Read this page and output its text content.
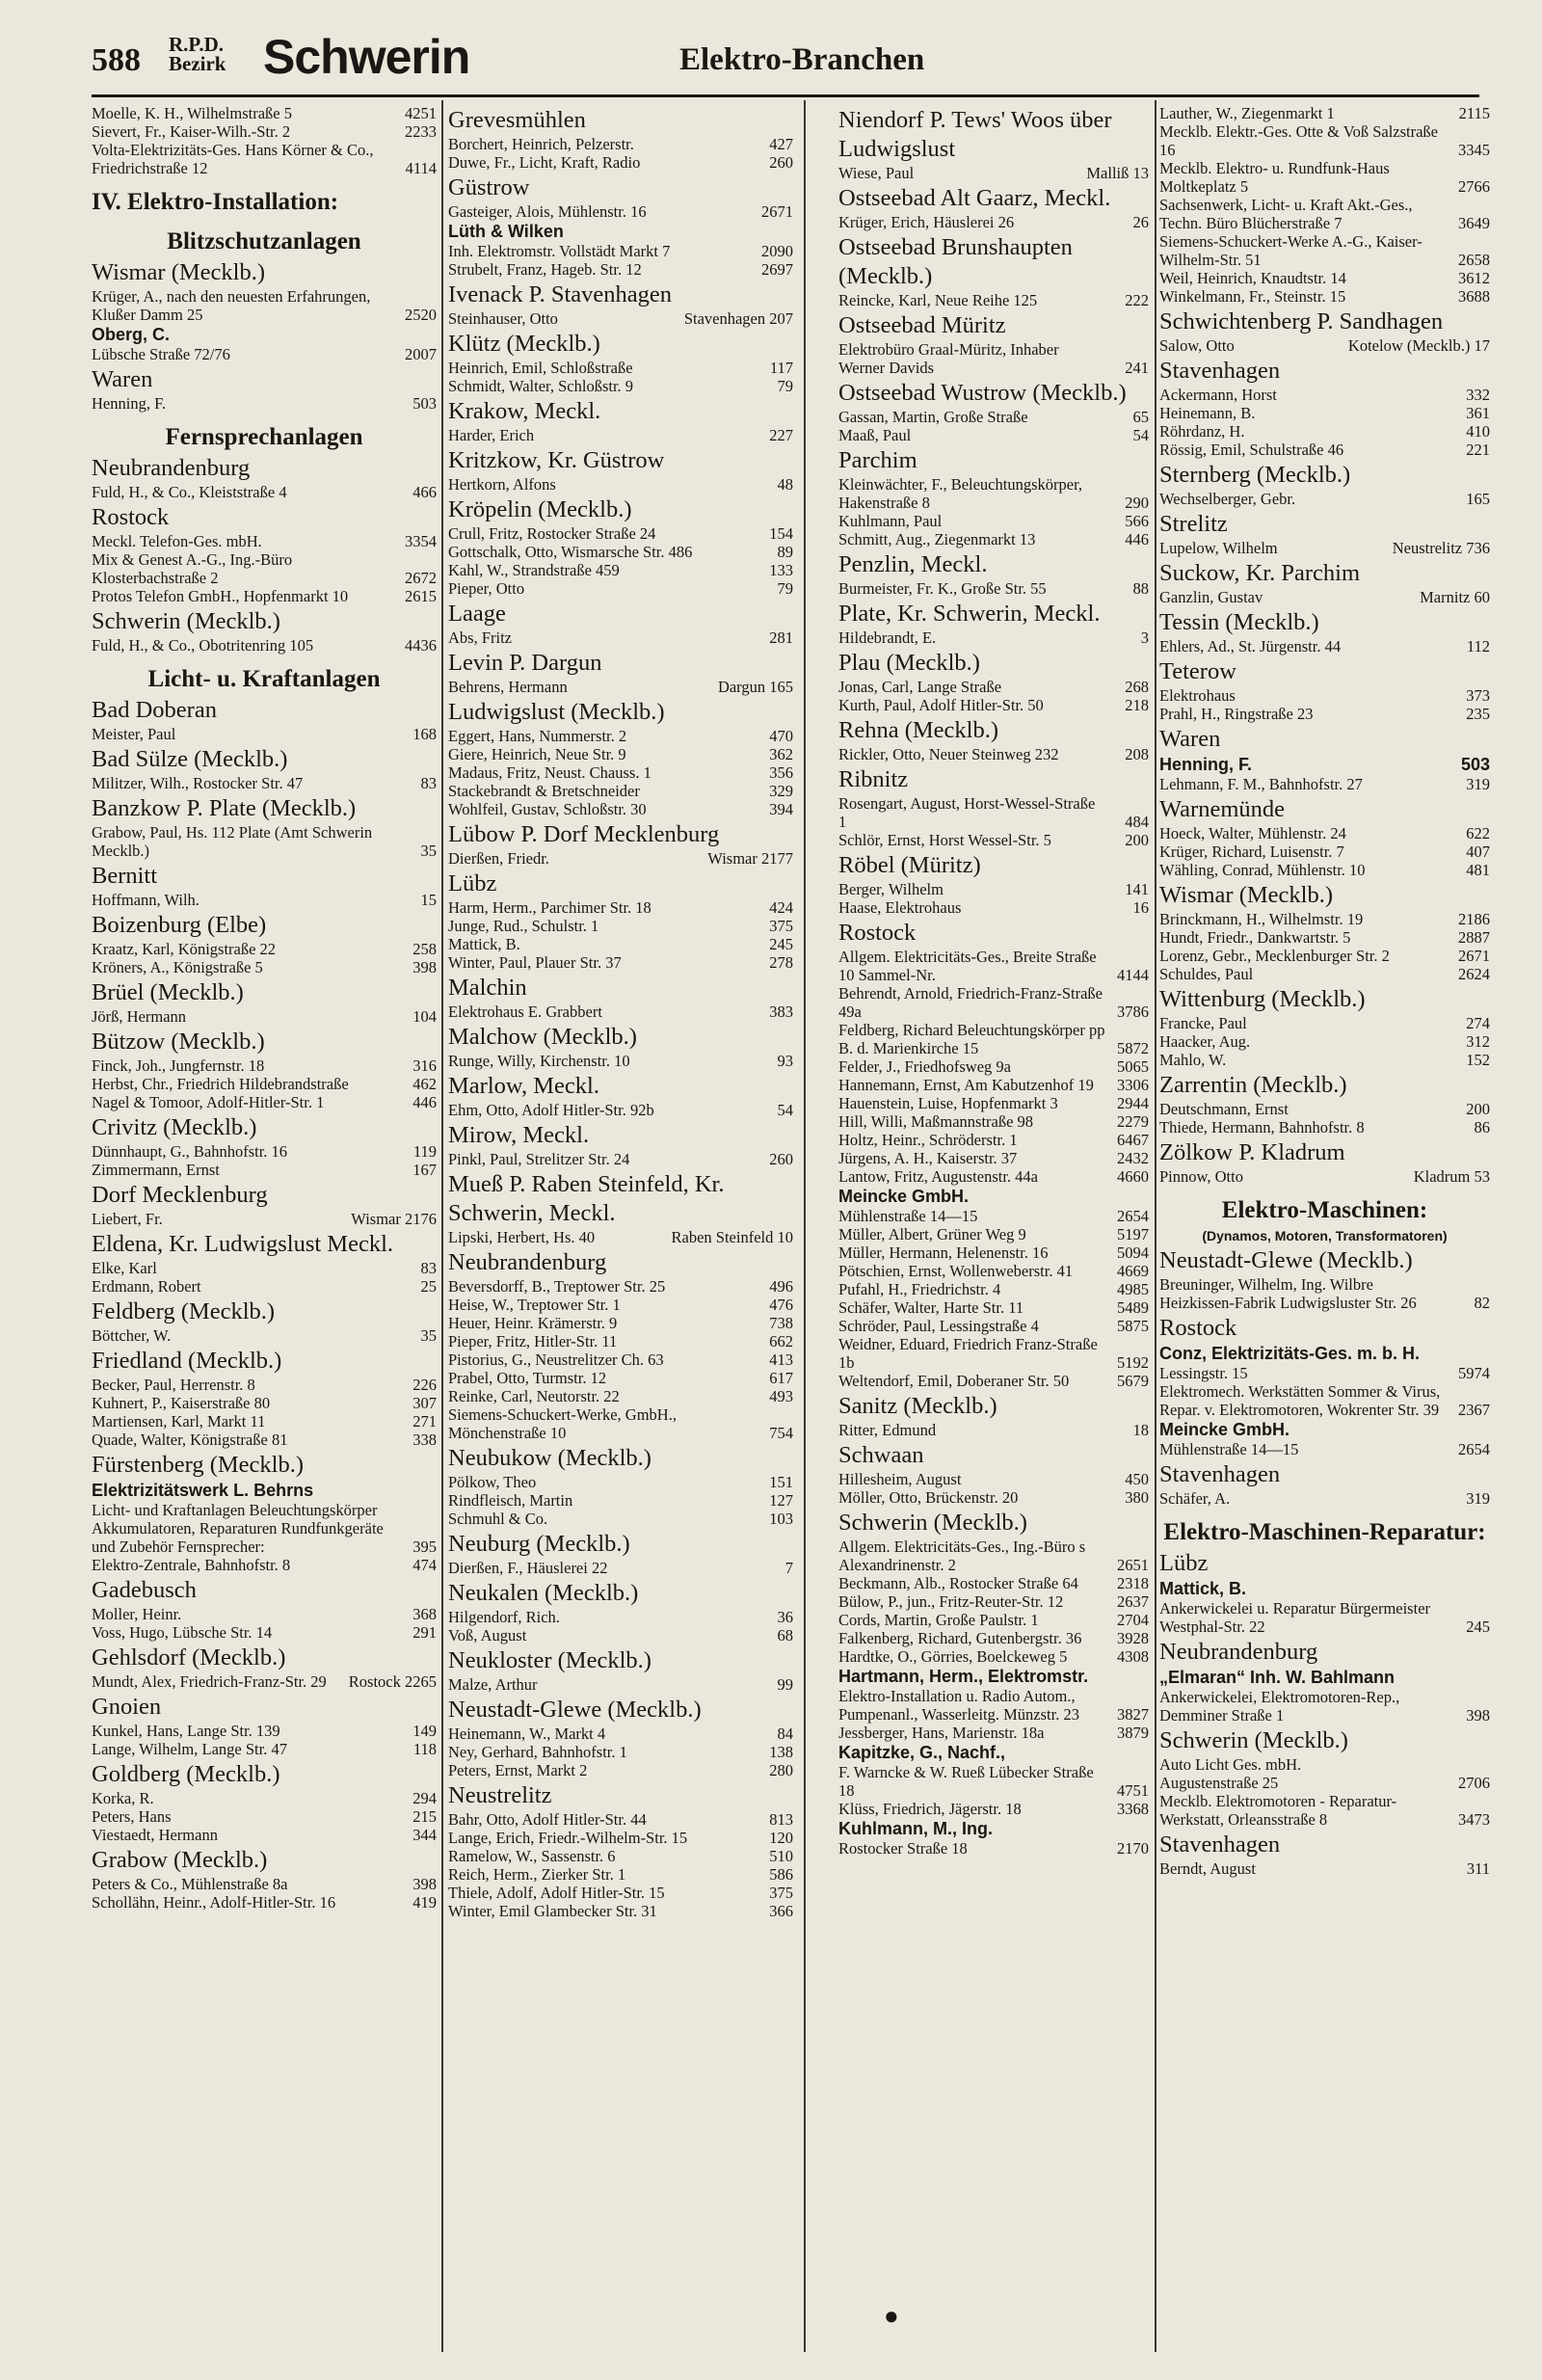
588 R.P.D. Bezirk Schwerin	Elektro-Branchen
Moelle, K. H., Wilhelmstraße 5	4251
Sievert, Fr., Kaiser-Wilh.-Str. 2	2233
Volta-Elektrizitäts-Ges. Hans Körner & Co., Friedrichstraße 12	4114
IV. Elektro-Installation:
Blitzschutzanlagen
Wismar (Mecklb.)
Krüger, A., nach den neuesten Erfahrungen, Klußer Damm 25	2520
Oberg, C.
Lübsche Straße 72/76	2007
Waren
Henning, F.	503
Fernsprechanlagen
Neubrandenburg
Fuld, H., & Co., Kleiststraße 4	466
Rostock
Meckl. Telefon-Ges. mbH.	3354
Mix & Genest A.-G., Ing.-Büro Klosterbachstraße 2	2672
Protos Telefon GmbH., Hopfenmarkt 10	2615
Schwerin (Mecklb.)
Fuld, H., & Co., Obotritenring 105	4436
Licht- u. Kraftanlagen
Bad Doberan
Meister, Paul	168
Bad Sülze (Mecklb.)
Militzer, Wilh., Rostocker Str. 47	83
Banzkow P. Plate (Mecklb.)
Grabow, Paul, Hs. 112 Plate (Amt Schwerin Mecklb.)	35
Bernitt
Hoffmann, Wilh.	15
Boizenburg (Elbe)
Kraatz, Karl, Königstraße 22	258
Kröners, A., Königstraße 5	398
Brüel (Mecklb.)
Jörß, Hermann	104
Bützow (Mecklb.)
Finck, Joh., Jungfernstr. 18	316
Herbst, Chr., Friedrich Hildebrandstraße	462
Nagel & Tomoor, Adolf-Hitler-Str. 1	446
Crivitz (Mecklb.)
Dünnhaupt, G., Bahnhofstr. 16	119
Zimmermann, Ernst	167
Dorf Mecklenburg
Liebert, Fr.	Wismar 2176
Eldena, Kr. Ludwigslust Meckl.
Elke, Karl	83
Erdmann, Robert	25
Feldberg (Mecklb.)
Böttcher, W.	35
Friedland (Mecklb.)
Becker, Paul, Herrenstr. 8	226
Kuhnert, P., Kaiserstraße 80	307
Martiensen, Karl, Markt 11	271
Quade, Walter, Königstraße 81	338
Fürstenberg (Mecklb.)
Elektrizitätswerk L. Behrns
Licht- und Kraftanlagen Beleuchtungskörper Akkumulatoren, Reparaturen Rundfunkgeräte und Zubehör Fernsprecher:	395
Elektro-Zentrale, Bahnhofstr. 8	474
Gadebusch
Moller, Heinr.	368
Voss, Hugo, Lübsche Str. 14	291
Gehlsdorf (Mecklb.)
Mundt, Alex, Friedrich-Franz-Str. 29 Rostock 2265
Gnoien
Kunkel, Hans, Lange Str. 139	149
Lange, Wilhelm, Lange Str. 47	118
Goldberg (Mecklb.)
Korka, R.	294
Peters, Hans	215
Viestaedt, Hermann	344
Grabow (Mecklb.)
Peters & Co., Mühlenstraße 8a	398
Schollähn, Heinr., Adolf-Hitler-Str. 16	419
Grevesmühlen
Borchert, Heinrich, Pelzerstr.	427
Duwe, Fr., Licht, Kraft, Radio	260
Güstrow
Gasteiger, Alois, Mühlenstr. 16	2671
Lüth & Wilken
Inh. Elektromstr. Vollstädt Markt 7	2090
Strubelt, Franz, Hageb. Str. 12	2697
Ivenack P. Stavenhagen
Steinhauser, Otto	Stavenhagen 207
Klütz (Mecklb.)
Heinrich, Emil, Schloßstraße	117
Schmidt, Walter, Schloßstr. 9	79
Krakow, Meckl.
Harder, Erich	227
Kritzkow, Kr. Güstrow
Hertkorn, Alfons	48
Kröpelin (Mecklb.)
Crull, Fritz, Rostocker Straße 24	154
Gottschalk, Otto, Wismarsche Str. 486	89
Kahl, W., Strandstraße 459	133
Pieper, Otto	79
Laage
Abs, Fritz	281
Levin P. Dargun
Behrens, Hermann	Dargun 165
Ludwigslust (Mecklb.)
Eggert, Hans, Nummerstr. 2	470
Giere, Heinrich, Neue Str. 9	362
Madaus, Fritz, Neust. Chauss. 1	356
Stackebrandt & Bretschneider	329
Wohlfeil, Gustav, Schloßstr. 30	394
Lübow P. Dorf Mecklenburg
Dierßen, Friedr.	Wismar 2177
Lübz
Harm, Herm., Parchimer Str. 18	424
Junge, Rud., Schulstr. 1	375
Mattick, B.	245
Winter, Paul, Plauer Str. 37	278
Malchin
Elektrohaus E. Grabbert	383
Malchow (Mecklb.)
Runge, Willy, Kirchenstr. 10	93
Marlow, Meckl.
Ehm, Otto, Adolf Hitler-Str. 92b	54
Mirow, Meckl.
Pinkl, Paul, Strelitzer Str. 24	260
Mueß P. Raben Steinfeld, Kr. Schwerin, Meckl.
Lipski, Herbert, Hs. 40	Raben Steinfeld 10
Neubrandenburg
Beversdorff, B., Treptower Str. 25	496
Heise, W., Treptower Str. 1	476
Heuer, Heinr. Krämerstr. 9	738
Pieper, Fritz, Hitler-Str. 11	662
Pistorius, G., Neustrelitzer Ch. 63	413
Prabel, Otto, Turmstr. 12	617
Reinke, Carl, Neutorstr. 22	493
Siemens-Schuckert-Werke, GmbH., Mönchenstraße 10	754
Neubukow (Mecklb.)
Pölkow, Theo	151
Rindfleisch, Martin	127
Schmuhl & Co.	103
Neuburg (Mecklb.)
Dierßen, F., Häuslerei 22	7
Neukalen (Mecklb.)
Hilgendorf, Rich.	36
Voß, August	68
Neukloster (Mecklb.)
Malze, Arthur	99
Neustadt-Glewe (Mecklb.)
Heinemann, W., Markt 4	84
Ney, Gerhard, Bahnhofstr. 1	138
Peters, Ernst, Markt 2	280
Neustrelitz
Bahr, Otto, Adolf Hitler-Str. 44	813
Lange, Erich, Friedr.-Wilhelm-Str. 15	120
Ramelow, W., Sassenstr. 6	510
Reich, Herm., Zierker Str. 1	586
Thiele, Adolf, Adolf Hitler-Str. 15	375
Winter, Emil Glambecker Str. 31	366
Niendorf P. Tews' Woos über Ludwigslust
Wiese, Paul	Malliß 13
Ostseebad Alt Gaarz, Meckl.
Krüger, Erich, Häuslerei 26	26
Ostseebad Brunshaupten (Mecklb.)
Reincke, Karl, Neue Reihe 125	222
Ostseebad Müritz
Elektrobüro Graal-Müritz, Inhaber Werner Davids	241
Ostseebad Wustrow (Mecklb.)
Gassan, Martin, Große Straße	65
Maaß, Paul	54
Parchim
Kleinwächter, F., Beleuchtungskörper, Hakenstraße 8	290
Kuhlmann, Paul	566
Schmitt, Aug., Ziegenmarkt 13	446
Penzlin, Meckl.
Burmeister, Fr. K., Große Str. 55	88
Plate, Kr. Schwerin, Meckl.
Hildebrandt, E.	3
Plau (Mecklb.)
Jonas, Carl, Lange Straße	268
Kurth, Paul, Adolf Hitler-Str. 50	218
Rehna (Mecklb.)
Rickler, Otto, Neuer Steinweg 232	208
Ribnitz
Rosengart, August, Horst-Wessel-Straße 1	484
Schlör, Ernst, Horst Wessel-Str. 5	200
Röbel (Müritz)
Berger, Wilhelm	141
Haase, Elektrohaus	16
Rostock
Allgem. Elektricitäts-Ges., Breite Straße 10 Sammel-Nr.	4144
Behrendt, Arnold, Friedrich-Franz-Straße 49a	3786
Feldberg, Richard Beleuchtungskörper pp B. d. Marienkirche 15	5872
Felder, J., Friedhofsweg 9a	5065
Hannemann, Ernst, Am Kabutzenhof 19 3306
Hauenstein, Luise, Hopfenmarkt 3	2944
Hill, Willi, Maßmannstraße 98	2279
Holtz, Heinr., Schröderstr. 1	6467
Jürgens, A. H., Kaiserstr. 37	2432
Lantow, Fritz, Augustenstr. 44a	4660
Meincke GmbH.
Mühlenstraße 14—15	2654
Müller, Albert, Grüner Weg 9	5197
Müller, Hermann, Helenenstr. 16	5094
Pötschien, Ernst, Wollenweberstr. 41	4669
Pufahl, H., Friedrichstr. 4	4985
Schäfer, Walter, Harte Str. 11	5489
Schröder, Paul, Lessingstraße 4	5875
Weidner, Eduard, Friedrich Franz-Straße 1b	5192
Weltendorf, Emil, Doberaner Str. 50	5679
Sanitz (Mecklb.)
Ritter, Edmund	18
Schwaan
Hillesheim, August	450
Möller, Otto, Brückenstr. 20	380
Schwerin (Mecklb.)
Allgem. Elektricitäts-Ges., Ing.-Büro s Alexandrinenstr. 2	2651
Beckmann, Alb., Rostocker Straße 64 2318
Bülow, P., jun., Fritz-Reuter-Str. 12	2637
Cords, Martin, Große Paulstr. 1	2704
Falkenberg, Richard, Gutenbergstr. 36 3928
Hardtke, O., Görries, Boelckeweg 5	4308
Hartmann, Herm., Elektromstr.
Elektro-Installation u. Radio Autom., Pumpenanl., Wasserleitg. Münzstr. 23 3827
Jessberger, Hans, Marienstr. 18a	3879
Kapitzke, G., Nachf.,
F. Warncke & W. Rueß Lübecker Straße 18	4751
Klüss, Friedrich, Jägerstr. 18	3368
Kuhlmann, M., Ing.
Rostocker Straße 18	2170
Lauther, W., Ziegenmarkt 1	2115
Mecklb. Elektr.-Ges. Otte & Voß Salzstraße 16	3345
Mecklb. Elektro- u. Rundfunk-Haus Moltkeplatz 5	2766
Sachsenwerk, Licht- u. Kraft Akt.-Ges., Techn. Büro Blücherstraße 7	3649
Siemens-Schuckert-Werke A.-G., Kaiser-Wilhelm-Str. 51	2658
Weil, Heinrich, Knaudtstr. 14	3612
Winkelmann, Fr., Steinstr. 15	3688
Schwichtenberg P. Sandhagen
Salow, Otto	Kotelow (Mecklb.) 17
Stavenhagen
Ackermann, Horst	332
Heinemann, B.	361
Röhrdanz, H.	410
Rössig, Emil, Schulstraße 46	221
Sternberg (Mecklb.)
Wechselberger, Gebr.	165
Strelitz
Lupelow, Wilhelm	Neustrelitz 736
Suckow, Kr. Parchim
Ganzlin, Gustav	Marnitz 60
Tessin (Mecklb.)
Ehlers, Ad., St. Jürgenstr. 44	112
Teterow
Elektrohaus	373
Prahl, H., Ringstraße 23	235
Waren
Henning, F.	503
Lehmann, F. M., Bahnhofstr. 27	319
Warnemünde
Hoeck, Walter, Mühlenstr. 24	622
Krüger, Richard, Luisenstr. 7	407
Wähling, Conrad, Mühlenstr. 10	481
Wismar (Mecklb.)
Brinckmann, H., Wilhelmstr. 19	2186
Hundt, Friedr., Dankwartstr. 5	2887
Lorenz, Gebr., Mecklenburger Str. 2	2671
Schuldes, Paul	2624
Wittenburg (Mecklb.)
Francke, Paul	274
Haacker, Aug.	312
Mahlo, W.	152
Zarrentin (Mecklb.)
Deutschmann, Ernst	200
Thiede, Hermann, Bahnhofstr. 8	86
Zölkow P. Kladrum
Pinnow, Otto	Kladrum 53
Elektro-Maschinen:
(Dynamos, Motoren, Transformatoren)
Neustadt-Glewe (Mecklb.)
Breuninger, Wilhelm, Ing. Wilbre Heizkissen-Fabrik Ludwigsluster Str. 26	82
Rostock
Conz, Elektrizitäts-Ges. m. b. H.
Lessingstr. 15	5974
Elektromech. Werkstätten Sommer & Virus, Repar. v. Elektromotoren, Wokrenter Str. 39 2367
Meincke GmbH.
Mühlenstraße 14—15	2654
Stavenhagen
Schäfer, A.	319
Elektro-Maschinen-Reparatur:
Lübz
Mattick, B.
Ankerwickelei u. Reparatur Bürgermeister Westphal-Str. 22	245
Neubrandenburg
„Elmaran“ Inh. W. Bahlmann
Ankerwickelei, Elektromotoren-Rep., Demminer Straße 1	398
Schwerin (Mecklb.)
Auto Licht Ges. mbH.
Augustenstraße 25	2706
Mecklb. Elektromotoren - Reparatur-Werkstatt, Orleansstraße 8	3473
Stavenhagen
Berndt, August	311
●
